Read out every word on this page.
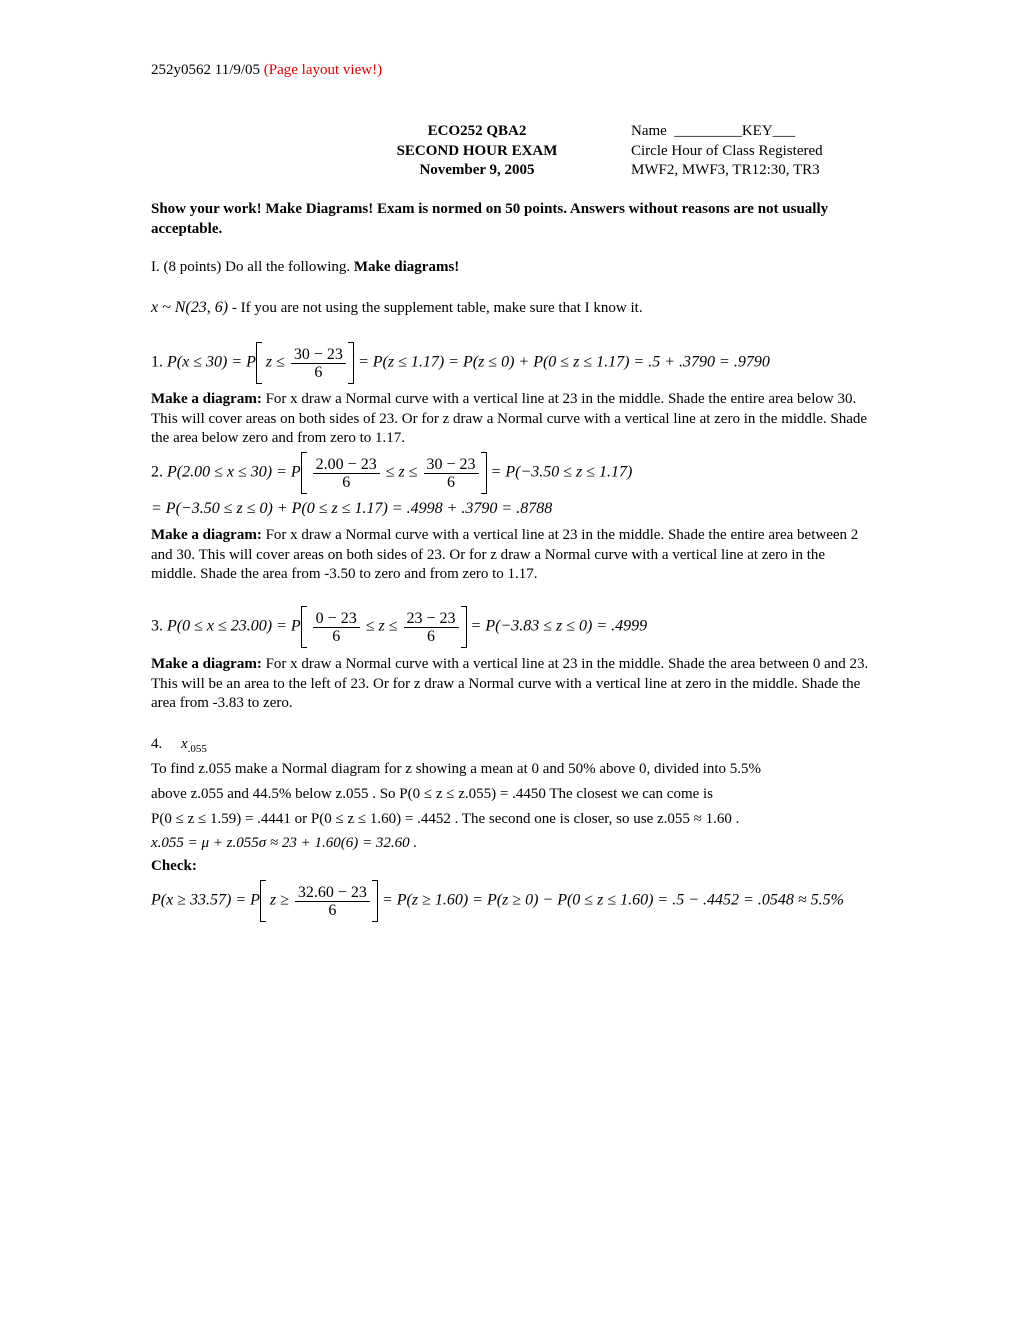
252y0562 11/9/05 (Page layout view!)
ECO252 QBA2
SECOND HOUR EXAM
November 9, 2005
Name _________KEY___
Circle Hour of Class Registered
MWF2, MWF3, TR12:30, TR3
Show your work! Make Diagrams! Exam is normed on 50 points. Answers without reasons are not usually acceptable.
I. (8 points) Do all the following. Make diagrams!
x ~ N(23, 6) - If you are not using the supplement table, make sure that I know it.
1. P(x ≤ 30) = P $z \le \frac{30 - 23}{6} = P(z \le 1.17) = P(z \le 0) + P(0 \le z \le 1.17) = .5 + .3790 = .9790$
Make a diagram: For x draw a Normal curve with a vertical line at 23 in the middle. Shade the entire area below 30. This will cover areas on both sides of 23. Or for z draw a Normal curve with a vertical line at zero in the middle. Shade the area below zero and from zero to 1.17.
2. P(2.00 ≤ x ≤ 30) = P $\frac{2.00 - 23}{6} \le z \le \frac{30 - 23}{6} = P(-3.50 \le z \le 1.17)$
= P(−3.50 ≤ z ≤ 0) + P(0 ≤ z ≤ 1.17) = .4998 + .3790 = .8788
Make a diagram: For x draw a Normal curve with a vertical line at 23 in the middle. Shade the entire area between 2 and 30. This will cover areas on both sides of 23. Or for z draw a Normal curve with a vertical line at zero in the middle. Shade the area from -3.50 to zero and from zero to 1.17.
3. P(0 ≤ x ≤ 23.00) = P $\frac{0 - 23}{6} \le z \le \frac{23 - 23}{6} = P(-3.83 \le z \le 0) = .4999$
Make a diagram: For x draw a Normal curve with a vertical line at 23 in the middle. Shade the area between 0 and 23. This will be an area to the left of 23. Or for z draw a Normal curve with a vertical line at zero in the middle. Shade the area from -3.83 to zero.
4. $x_{.055}$
To find z.055 make a Normal diagram for z showing a mean at 0 and 50% above 0, divided into 5.5%
above z.055 and 44.5% below z.055 . So P(0 ≤ z ≤ z.055) = .4450 The closest we can come is
P(0 ≤ z ≤ 1.59) = .4441 or P(0 ≤ z ≤ 1.60) = .4452 . The second one is closer, so use z.055 ≈ 1.60 .
x.055 = μ + z.055σ ≈ 23 + 1.60(6) = 32.60 .
Check:
P(x ≥ 33.57) = P $z \ge \frac{32.60 - 23}{6} = P(z \ge 1.60) = P(z \ge 0) - P(0 \le z \le 1.60) = .5 - .4452 = .0548 \approx 5.5\%$
